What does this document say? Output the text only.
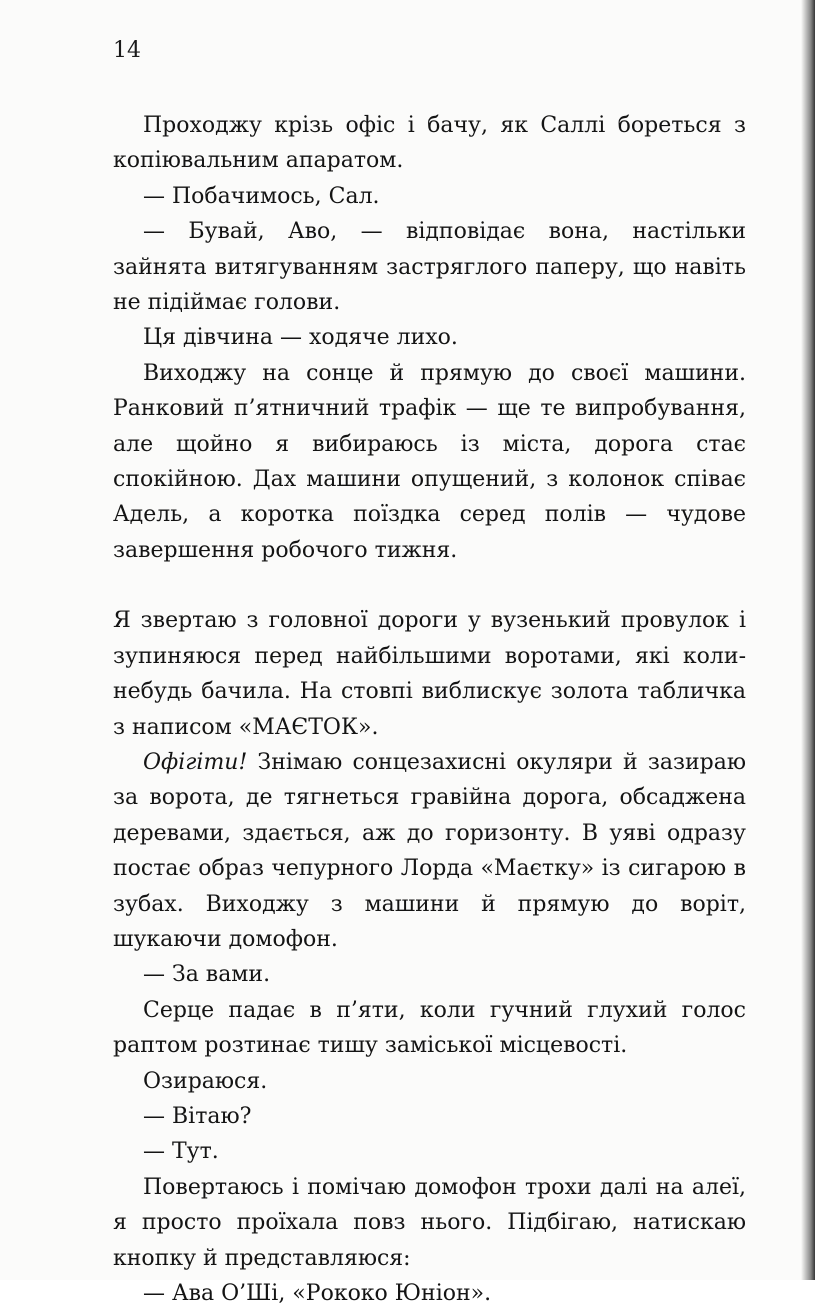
14

Проходжу крізь офіс і бачу, як Саллі бореться з копіювальним апаратом.

— Побачимось, Сал.

— Бувай, Аво, — відповідає вона, настільки зайнята витягуванням застряглого паперу, що навіть не підіймає голови.

Ця дівчина — ходяче лихо.

Виходжу на сонце й прямую до своєї машини. Ранковий п’ятничний трафік — ще те випробування, але щойно я вибираюсь із міста, дорога стає спокійною. Дах машини опущений, з колонок співає Адель, а коротка поїздка серед полів — чудове завершення робочого тижня.

Я звертаю з головної дороги у вузенький провулок і зупиняюся перед найбільшими воротами, які коли-небудь бачила. На стовпі виблискує золота табличка з написом «МАЄТОК».

Офігіти! Знімаю сонцезахисні окуляри й зазираю за ворота, де тягнеться гравійна дорога, обсаджена деревами, здається, аж до горизонту. В уяві одразу постає образ чепурного Лорда «Маєтку» із сигарою в зубах. Виходжу з машини й прямую до воріт, шукаючи домофон.

— За вами.

Серце падає в п’яти, коли гучний глухий голос раптом розтинає тишу заміської місцевості.

Озираюся.

— Вітаю?

— Тут.

Повертаюсь і помічаю домофон трохи далі на алеї, я просто проїхала повз нього. Підбігаю, натискаю кнопку й представляюся:

— Ава О’Ші, «Рококо Юніон».
